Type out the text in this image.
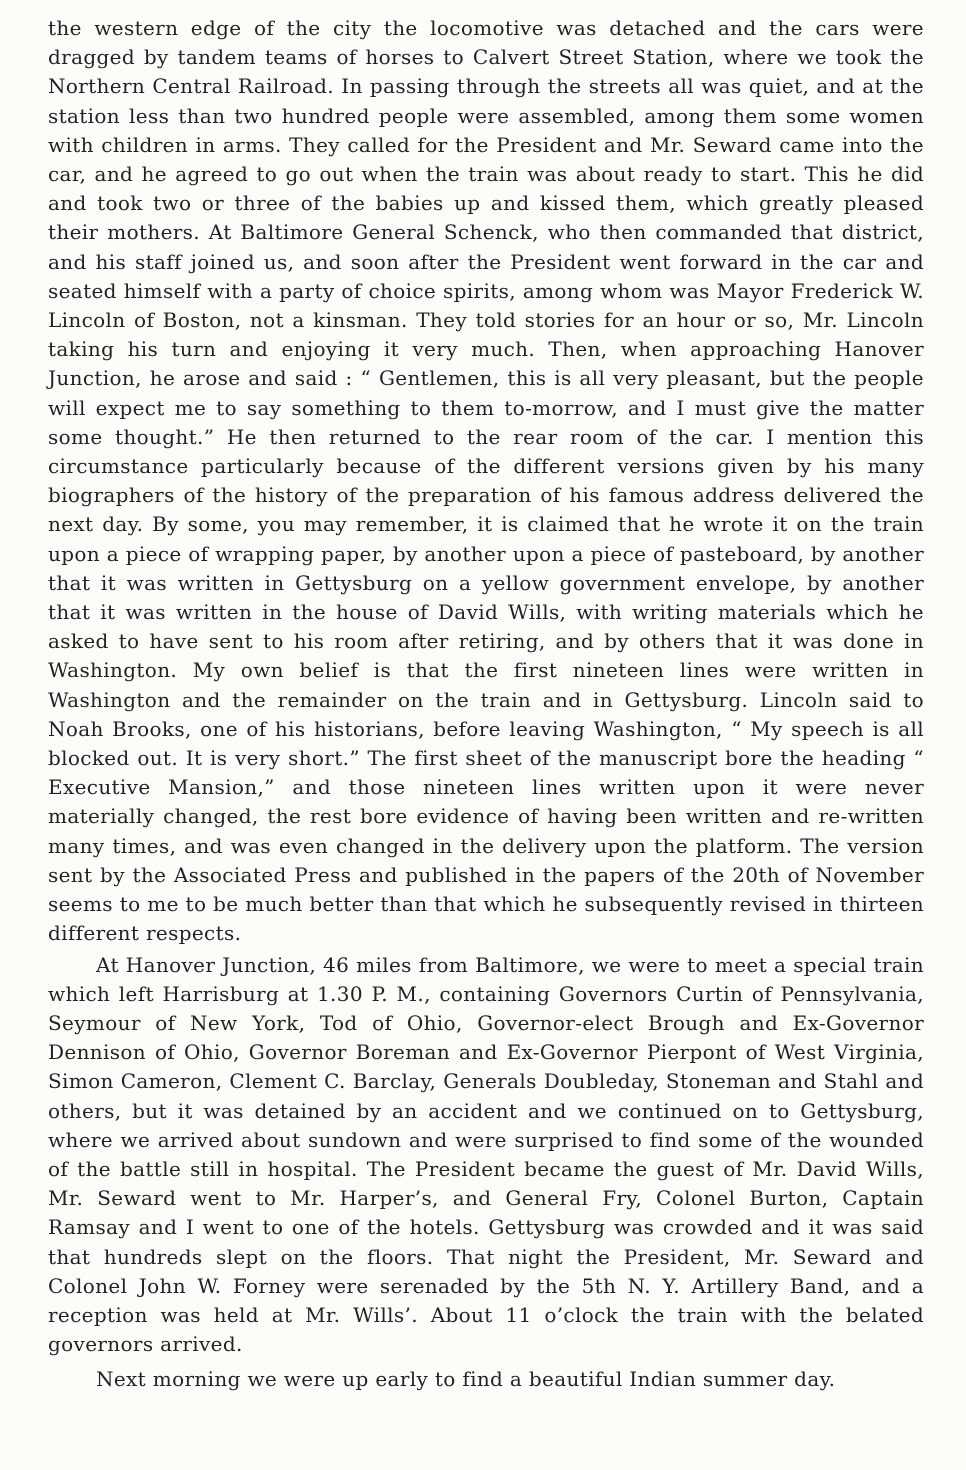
the western edge of the city the locomotive was detached and the cars were dragged by tandem teams of horses to Calvert Street Station, where we took the Northern Central Railroad. In passing through the streets all was quiet, and at the station less than two hundred people were assembled, among them some women with children in arms. They called for the President and Mr. Seward came into the car, and he agreed to go out when the train was about ready to start. This he did and took two or three of the babies up and kissed them, which greatly pleased their mothers. At Baltimore General Schenck, who then commanded that district, and his staff joined us, and soon after the President went forward in the car and seated himself with a party of choice spirits, among whom was Mayor Frederick W. Lincoln of Boston, not a kinsman. They told stories for an hour or so, Mr. Lincoln taking his turn and enjoying it very much. Then, when approaching Hanover Junction, he arose and said : “ Gentlemen, this is all very pleasant, but the people will expect me to say something to them to-morrow, and I must give the matter some thought.” He then returned to the rear room of the car. I mention this circumstance particularly because of the different versions given by his many biographers of the history of the preparation of his famous address delivered the next day. By some, you may remember, it is claimed that he wrote it on the train upon a piece of wrapping paper, by another upon a piece of pasteboard, by another that it was written in Gettysburg on a yellow government envelope, by another that it was written in the house of David Wills, with writing materials which he asked to have sent to his room after retiring, and by others that it was done in Washington. My own belief is that the first nineteen lines were written in Washington and the remainder on the train and in Gettysburg. Lincoln said to Noah Brooks, one of his historians, before leaving Washington, “ My speech is all blocked out. It is very short.” The first sheet of the manuscript bore the heading “ Executive Mansion,” and those nineteen lines written upon it were never materially changed, the rest bore evidence of having been written and re-written many times, and was even changed in the delivery upon the platform. The version sent by the Associated Press and published in the papers of the 20th of November seems to me to be much better than that which he subsequently revised in thirteen different respects.

At Hanover Junction, 46 miles from Baltimore, we were to meet a special train which left Harrisburg at 1.30 P. M., containing Governors Curtin of Pennsylvania, Seymour of New York, Tod of Ohio, Governor-elect Brough and Ex-Governor Dennison of Ohio, Governor Boreman and Ex-Governor Pierpont of West Virginia, Simon Cameron, Clement C. Barclay, Generals Doubleday, Stoneman and Stahl and others, but it was detained by an accident and we continued on to Gettysburg, where we arrived about sundown and were surprised to find some of the wounded of the battle still in hospital. The President became the guest of Mr. David Wills, Mr. Seward went to Mr. Harper’s, and General Fry, Colonel Burton, Captain Ramsay and I went to one of the hotels. Gettysburg was crowded and it was said that hundreds slept on the floors. That night the President, Mr. Seward and Colonel John W. Forney were serenaded by the 5th N. Y. Artillery Band, and a reception was held at Mr. Wills’. About 11 o’clock the train with the belated governors arrived.

Next morning we were up early to find a beautiful Indian summer day.
